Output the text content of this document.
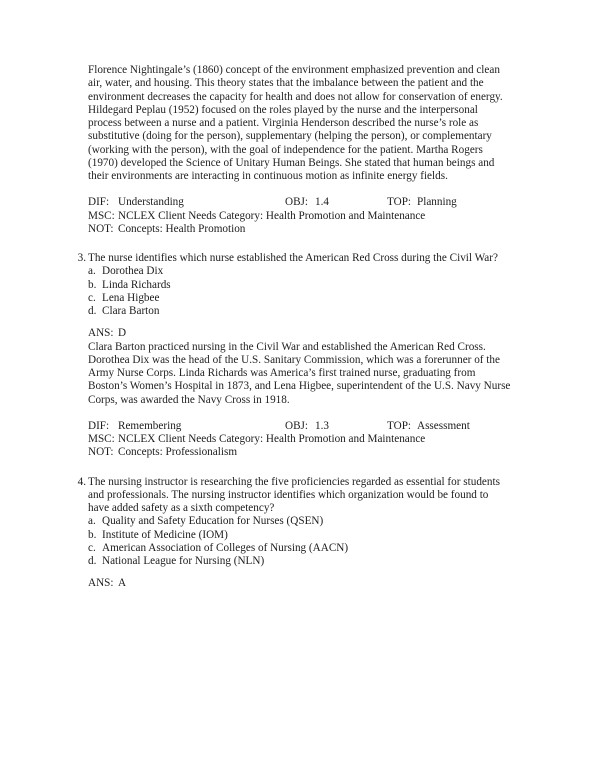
Florence Nightingale’s (1860) concept of the environment emphasized prevention and clean air, water, and housing. This theory states that the imbalance between the patient and the environment decreases the capacity for health and does not allow for conservation of energy. Hildegard Peplau (1952) focused on the roles played by the nurse and the interpersonal process between a nurse and a patient. Virginia Henderson described the nurse’s role as substitutive (doing for the person), supplementary (helping the person), or complementary (working with the person), with the goal of independence for the patient. Martha Rogers (1970) developed the Science of Unitary Human Beings. She stated that human beings and their environments are interacting in continuous motion as infinite energy fields.

DIF: Understanding	OBJ: 1.4	TOP: Planning
MSC: NCLEX Client Needs Category: Health Promotion and Maintenance
NOT: Concepts: Health Promotion
3. The nurse identifies which nurse established the American Red Cross during the Civil War?
a. Dorothea Dix
b. Linda Richards
c. Lena Higbee
d. Clara Barton
ANS: D

Clara Barton practiced nursing in the Civil War and established the American Red Cross. Dorothea Dix was the head of the U.S. Sanitary Commission, which was a forerunner of the Army Nurse Corps. Linda Richards was America’s first trained nurse, graduating from Boston’s Women’s Hospital in 1873, and Lena Higbee, superintendent of the U.S. Navy Nurse Corps, was awarded the Navy Cross in 1918.

DIF: Remembering	OBJ: 1.3	TOP: Assessment
MSC: NCLEX Client Needs Category: Health Promotion and Maintenance
NOT: Concepts: Professionalism
4. The nursing instructor is researching the five proficiencies regarded as essential for students and professionals. The nursing instructor identifies which organization would be found to have added safety as a sixth competency?
a. Quality and Safety Education for Nurses (QSEN)
b. Institute of Medicine (IOM)
c. American Association of Colleges of Nursing (AACN)
d. National League for Nursing (NLN)
ANS: A
